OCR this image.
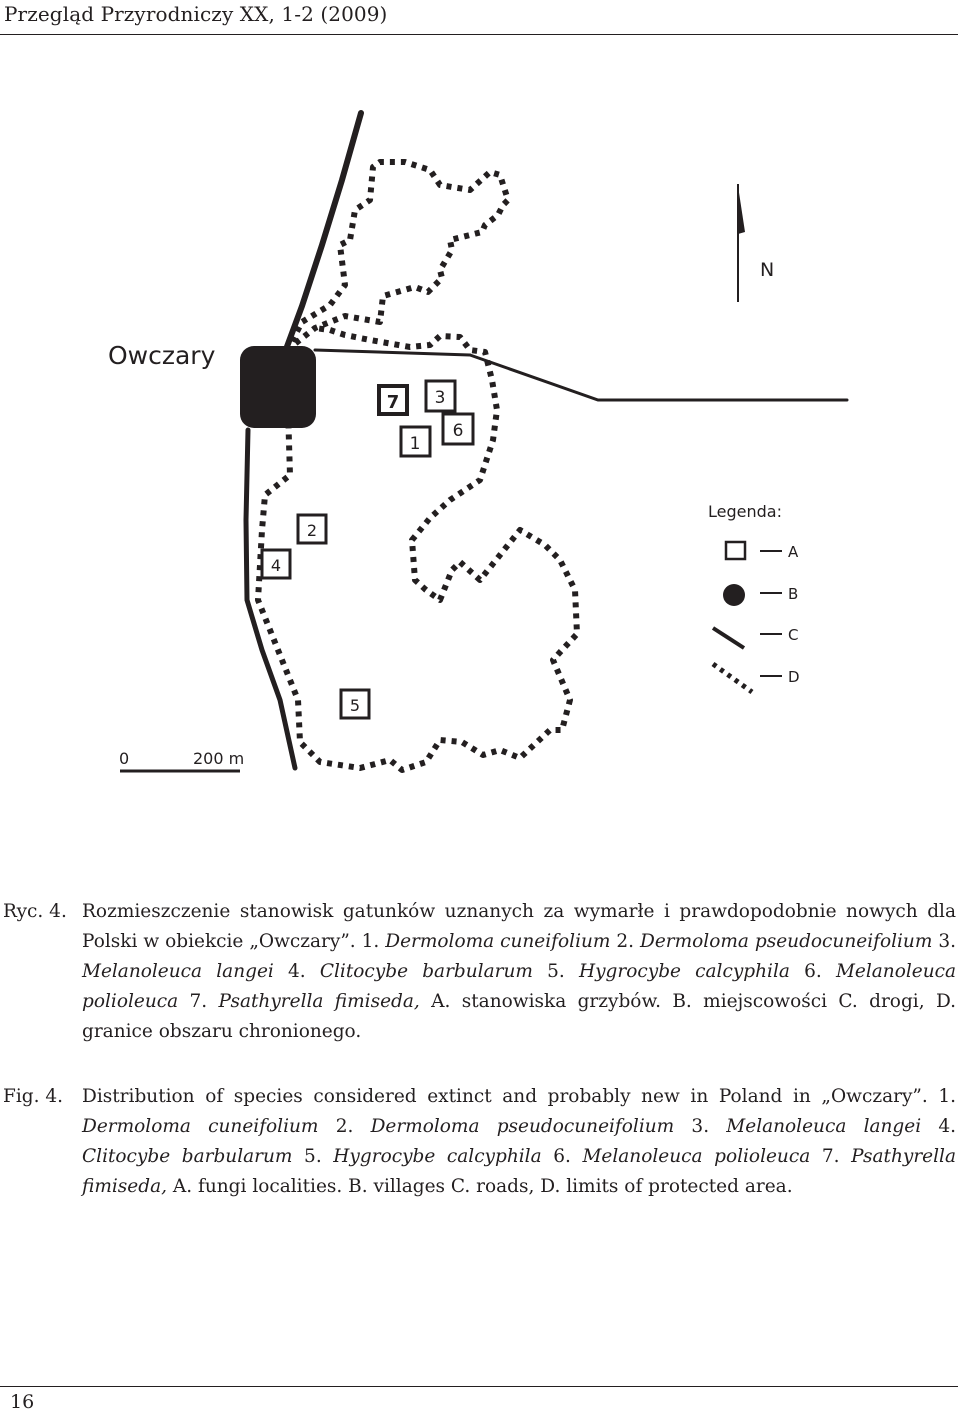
Przegląd Przyrodniczy XX, 1-2 (2009)
Owczary
N
7 3
6
1
2
4
5
Legenda:
A
B
C
D
0	200 m
Ryc. 4. Rozmieszczenie stanowisk gatunków uznanych za wymarłe i prawdopodobnie nowych dla Polski w obiekcie „Owczary”. 1. Dermoloma cuneifolium 2. Dermoloma pseudocuneifolium 3. Melanoleuca langei 4. Clitocybe barbularum 5. Hygrocybe calcyphila 6. Melanoleuca polioleuca 7. Psathyrella fimiseda, A. stanowiska grzybów. B. miejscowości C. drogi, D. granice obszaru chronionego.
Fig. 4. Distribution of species considered extinct and probably new in Poland in „Owczary”. 1. Dermoloma cuneifolium 2. Dermoloma pseudocuneifolium 3. Melanoleuca langei 4. Clitocybe barbularum 5. Hygrocybe calcyphila 6. Melanoleuca polioleuca 7. Psathyrella fimiseda, A. fungi localities. B. villages C. roads, D. limits of protected area.
16
